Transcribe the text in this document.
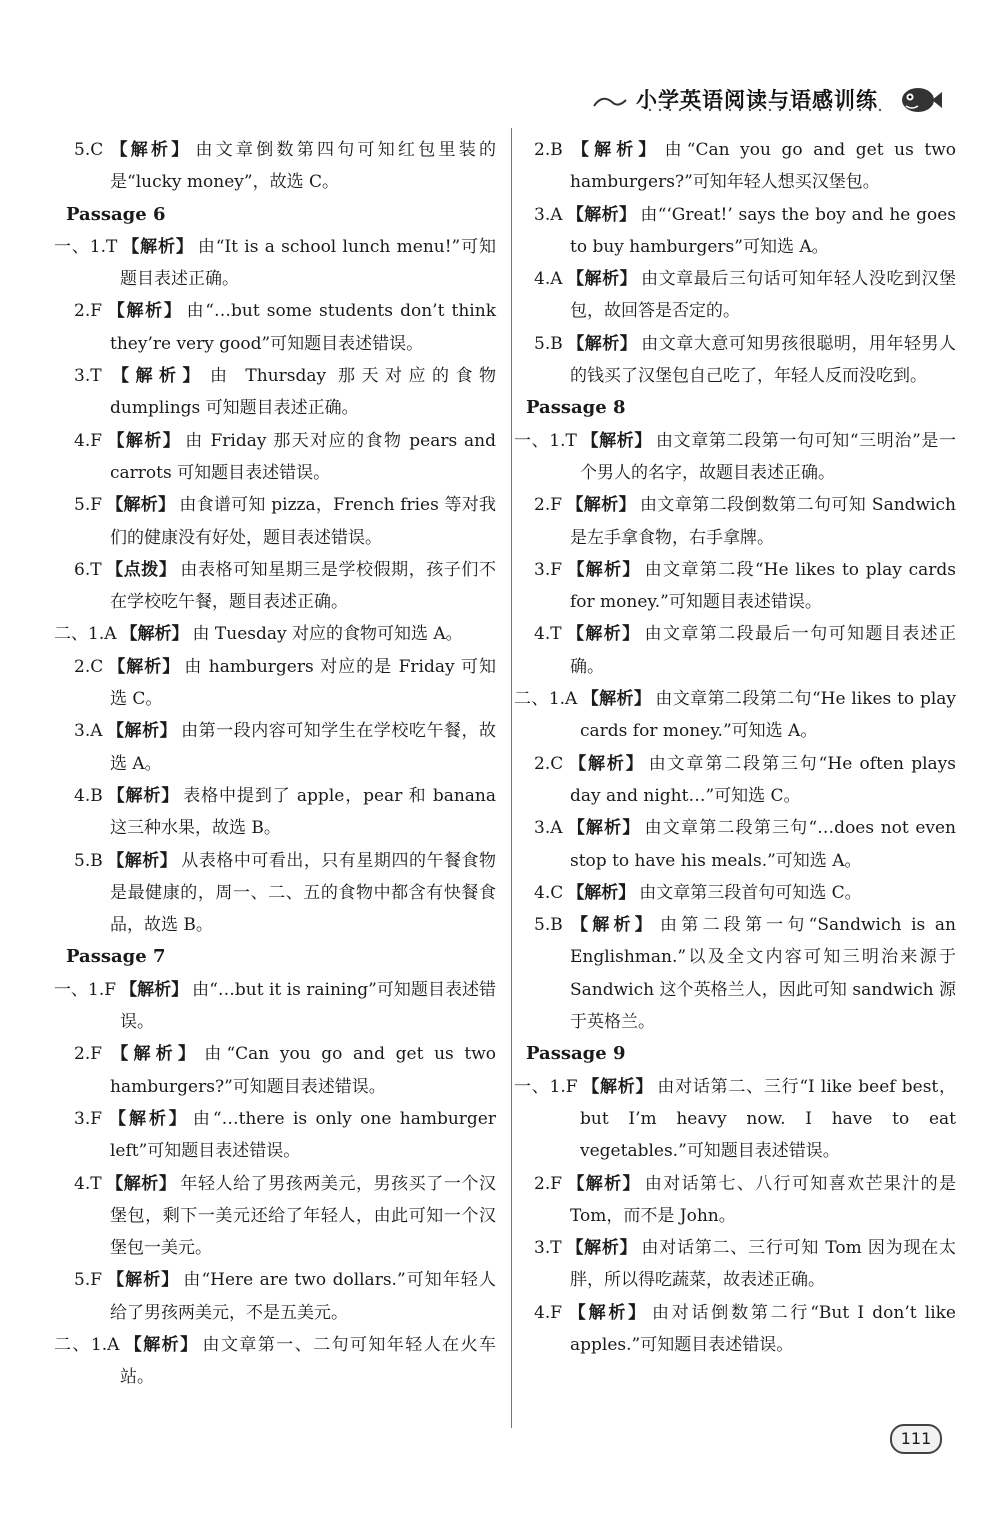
小学英语阅读与语感训练
5.C 【解析】 由文章倒数第四句可知红包里装的是“lucky money”，故选 C。
Passage 6
一、1.T 【解析】 由“It is a school lunch menu!”可知题目表述正确。
2.F 【解析】 由“…but some students don’t think they’re very good”可知题目表述错误。
3.T 【解析】 由 Thursday 那天对应的食物 dumplings 可知题目表述正确。
4.F 【解析】 由 Friday 那天对应的食物 pears and carrots 可知题目表述错误。
5.F 【解析】 由食谱可知 pizza，French fries 等对我们的健康没有好处，题目表述错误。
6.T 【点拨】 由表格可知星期三是学校假期，孩子们不在学校吃午餐，题目表述正确。
二、1.A 【解析】 由 Tuesday 对应的食物可知选 A。
2.C 【解析】 由 hamburgers 对应的是 Friday 可知选 C。
3.A 【解析】 由第一段内容可知学生在学校吃午餐，故选 A。
4.B 【解析】 表格中提到了 apple，pear 和 banana 这三种水果，故选 B。
5.B 【解析】 从表格中可看出，只有星期四的午餐食物是最健康的，周一、二、五的食物中都含有快餐食品，故选 B。
Passage 7
一、1.F 【解析】 由“…but it is raining”可知题目表述错误。
2.F 【解析】 由“Can you go and get us two hamburgers?”可知题目表述错误。
3.F 【解析】 由“…there is only one hamburger left”可知题目表述错误。
4.T 【解析】 年轻人给了男孩两美元，男孩买了一个汉堡包，剩下一美元还给了年轻人，由此可知一个汉堡包一美元。
5.F 【解析】 由“Here are two dollars.”可知年轻人给了男孩两美元，不是五美元。
二、1.A 【解析】 由文章第一、二句可知年轻人在火车站。
2.B 【解析】 由“Can you go and get us two hamburgers?”可知年轻人想买汉堡包。
3.A 【解析】 由“‘Great!’ says the boy and he goes to buy hamburgers”可知选 A。
4.A 【解析】 由文章最后三句话可知年轻人没吃到汉堡包，故回答是否定的。
5.B 【解析】 由文章大意可知男孩很聪明，用年轻男人的钱买了汉堡包自己吃了，年轻人反而没吃到。
Passage 8
一、1.T 【解析】 由文章第二段第一句可知“三明治”是一个男人的名字，故题目表述正确。
2.F 【解析】 由文章第二段倒数第二句可知 Sandwich 是左手拿食物，右手拿牌。
3.F 【解析】 由文章第二段“He likes to play cards for money.”可知题目表述错误。
4.T 【解析】 由文章第二段最后一句可知题目表述正确。
二、1.A 【解析】 由文章第二段第二句“He likes to play cards for money.”可知选 A。
2.C 【解析】 由文章第二段第三句“He often plays day and night…”可知选 C。
3.A 【解析】 由文章第二段第三句“…does not even stop to have his meals.”可知选 A。
4.C 【解析】 由文章第三段首句可知选 C。
5.B 【解析】 由第二段第一句“Sandwich is an Englishman.”以及全文内容可知三明治来源于 Sandwich 这个英格兰人，因此可知 sandwich 源于英格兰。
Passage 9
一、1.F 【解析】 由对话第二、三行“I like beef best，but I’m heavy now. I have to eat vegetables.”可知题目表述错误。
2.F 【解析】 由对话第七、八行可知喜欢芒果汁的是 Tom，而不是 John。
3.T 【解析】 由对话第二、三行可知 Tom 因为现在太胖，所以得吃蔬菜，故表述正确。
4.F 【解析】 由对话倒数第二行“But I don’t like apples.”可知题目表述错误。
111
